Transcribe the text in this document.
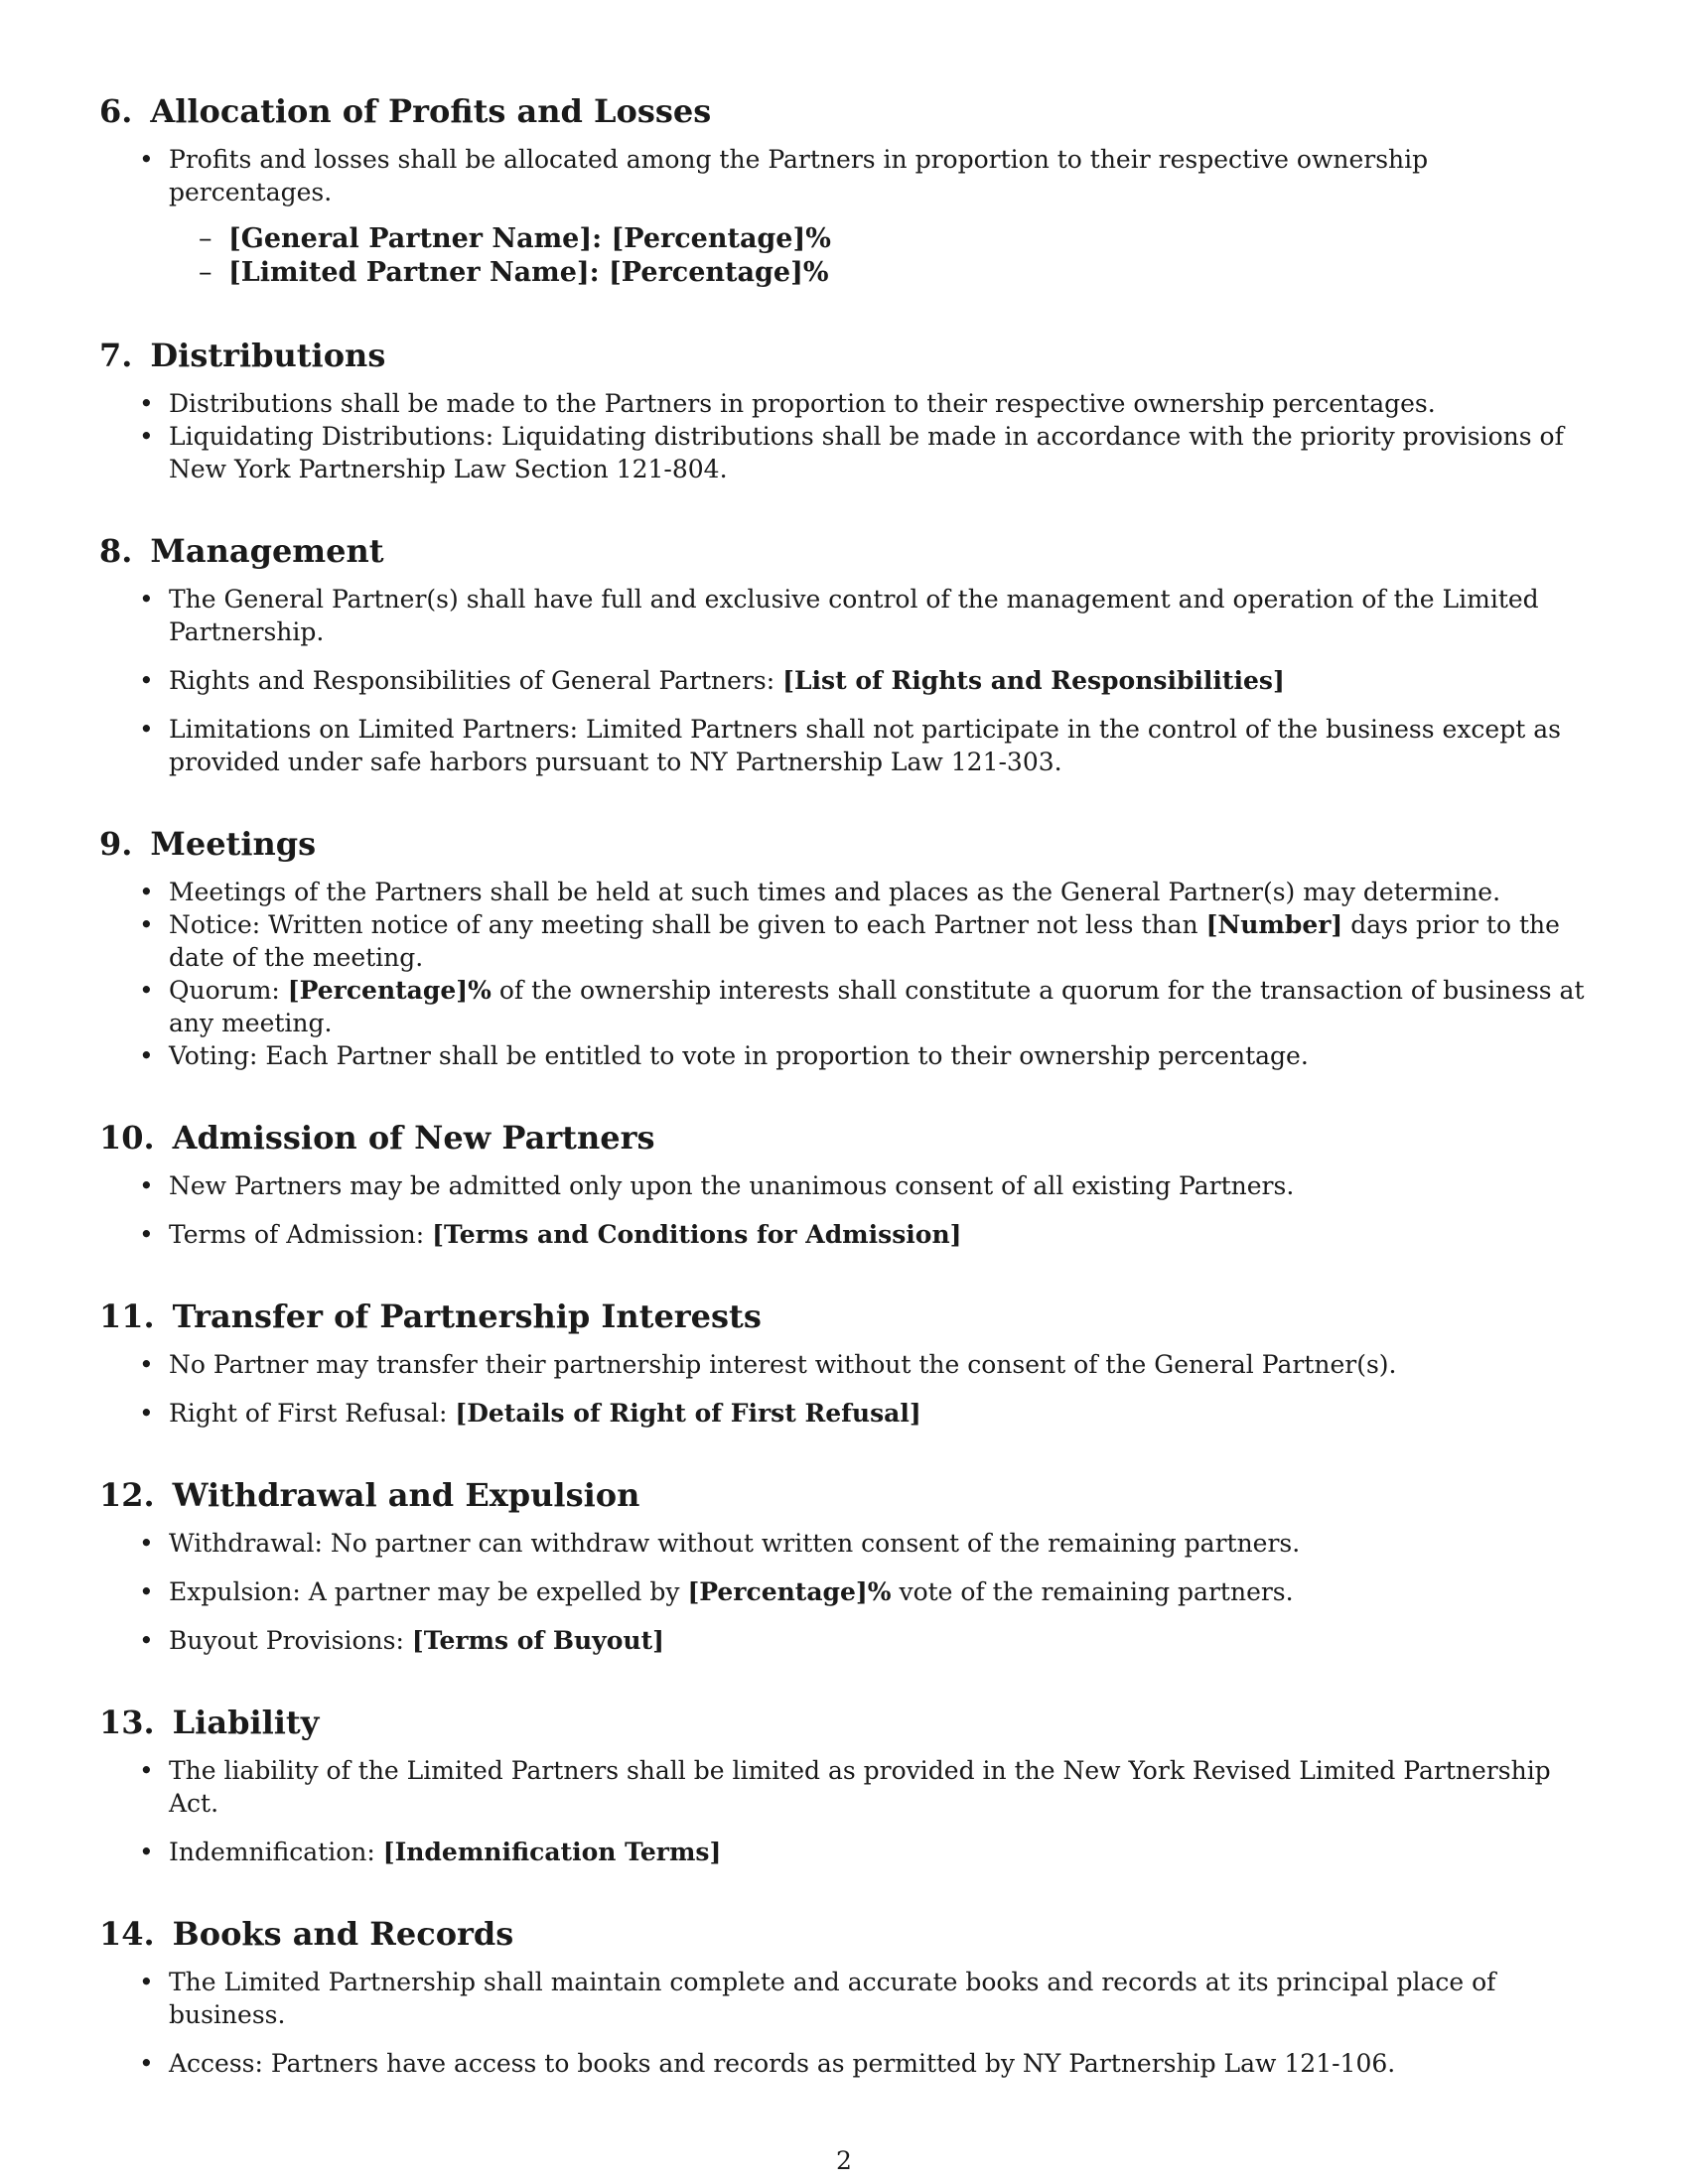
6. Allocation of Profits and Losses
• Profits and losses shall be allocated among the Partners in proportion to their respective ownership percentages.
– [General Partner Name]: [Percentage]%
– [Limited Partner Name]: [Percentage]%
7. Distributions
• Distributions shall be made to the Partners in proportion to their respective ownership percentages.
• Liquidating Distributions: Liquidating distributions shall be made in accordance with the priority provisions of New York Partnership Law Section 121-804.
8. Management
• The General Partner(s) shall have full and exclusive control of the management and operation of the Limited Partnership.
• Rights and Responsibilities of General Partners: [List of Rights and Responsibilities]
• Limitations on Limited Partners: Limited Partners shall not participate in the control of the business except as provided under safe harbors pursuant to NY Partnership Law 121-303.
9. Meetings
• Meetings of the Partners shall be held at such times and places as the General Partner(s) may determine.
• Notice: Written notice of any meeting shall be given to each Partner not less than [Number] days prior to the date of the meeting.
• Quorum: [Percentage]% of the ownership interests shall constitute a quorum for the transaction of business at any meeting.
• Voting: Each Partner shall be entitled to vote in proportion to their ownership percentage.
10. Admission of New Partners
• New Partners may be admitted only upon the unanimous consent of all existing Partners.
• Terms of Admission: [Terms and Conditions for Admission]
11. Transfer of Partnership Interests
• No Partner may transfer their partnership interest without the consent of the General Partner(s).
• Right of First Refusal: [Details of Right of First Refusal]
12. Withdrawal and Expulsion
• Withdrawal: No partner can withdraw without written consent of the remaining partners.
• Expulsion: A partner may be expelled by [Percentage]% vote of the remaining partners.
• Buyout Provisions: [Terms of Buyout]
13. Liability
• The liability of the Limited Partners shall be limited as provided in the New York Revised Limited Partnership Act.
• Indemnification: [Indemnification Terms]
14. Books and Records
• The Limited Partnership shall maintain complete and accurate books and records at its principal place of business.
• Access: Partners have access to books and records as permitted by NY Partnership Law 121-106.
2
